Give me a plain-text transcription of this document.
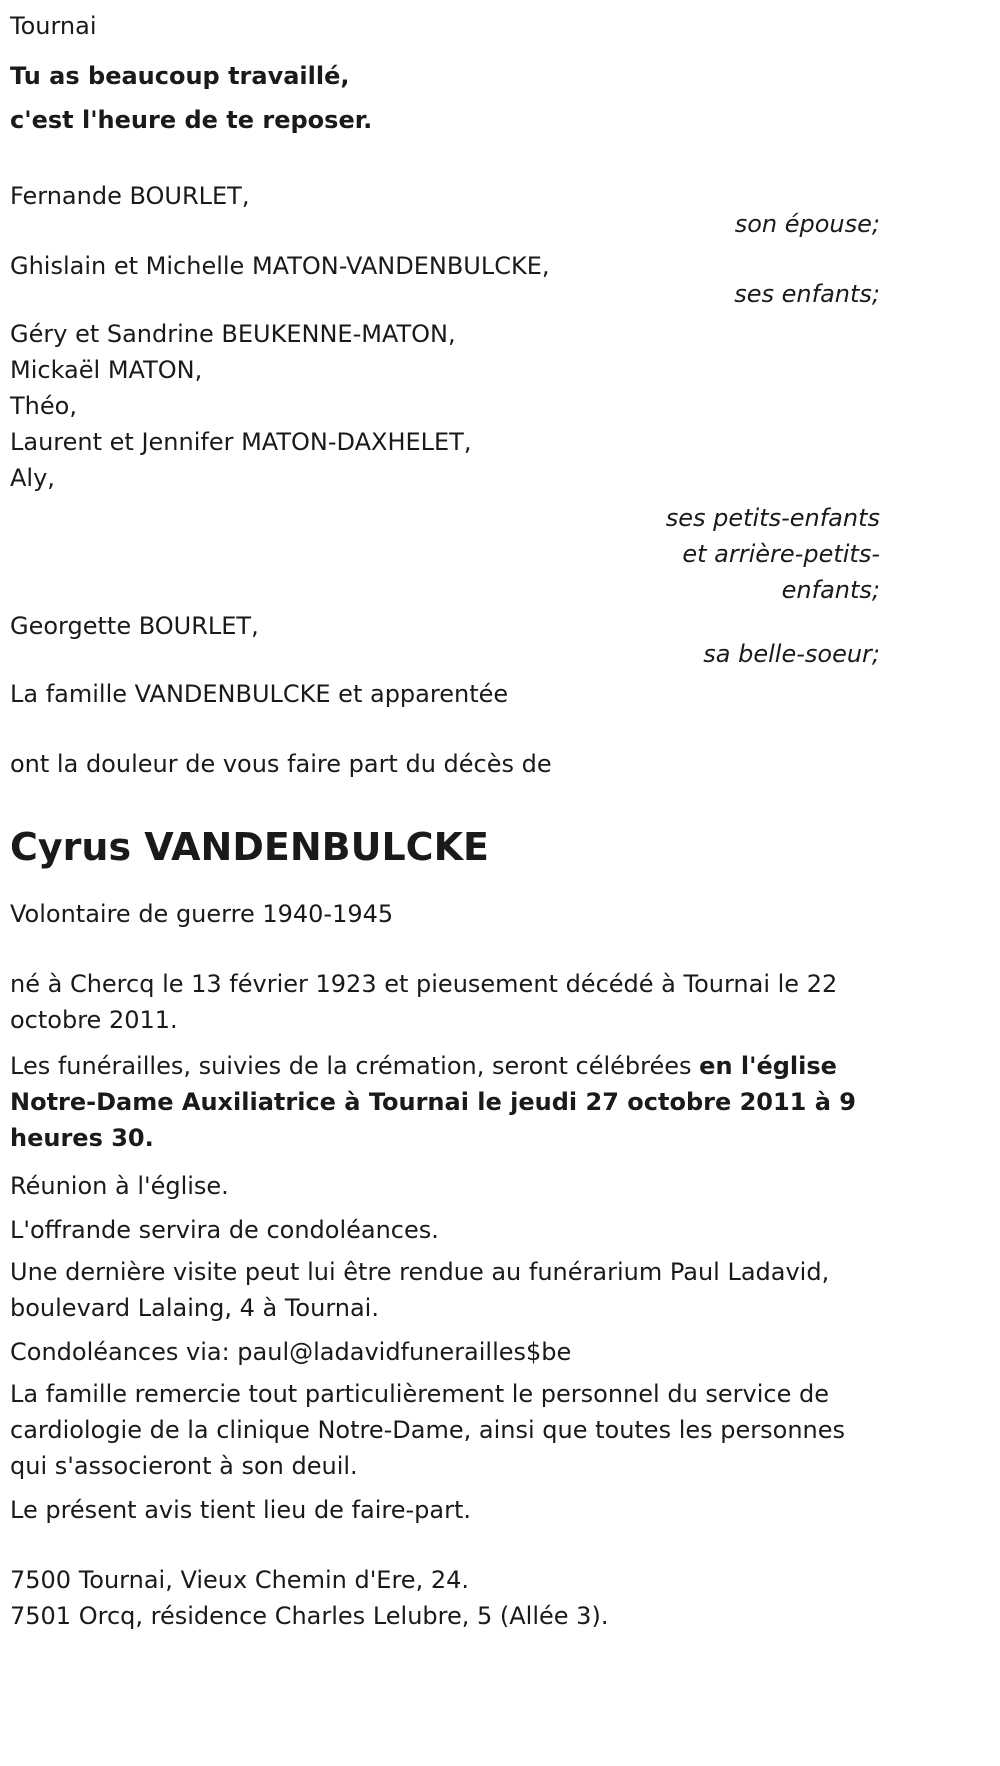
Tournai

Tu as beaucoup travaillé,

c'est l'heure de te reposer.

Fernande BOURLET,
son épouse;
Ghislain et Michelle MATON-VANDENBULCKE,
ses enfants;
Géry et Sandrine BEUKENNE-MATON,
Mickaël MATON,
Théo,
Laurent et Jennifer MATON-DAXHELET,
Aly,
ses petits-enfants
et arrière-petits-
enfants;
Georgette BOURLET,
sa belle-soeur;
La famille VANDENBULCKE et apparentée

ont la douleur de vous faire part du décès de

Cyrus VANDENBULCKE

Volontaire de guerre 1940-1945

né à Chercq le 13 février 1923 et pieusement décédé à Tournai le 22 octobre 2011.

Les funérailles, suivies de la crémation, seront célébrées en l'église Notre-Dame Auxiliatrice à Tournai le jeudi 27 octobre 2011 à 9 heures 30.

Réunion à l'église.

L'offrande servira de condoléances.

Une dernière visite peut lui être rendue au funérarium Paul Ladavid, boulevard Lalaing, 4 à Tournai.

Condoléances via: paul@ladavidfunerailles$be

La famille remercie tout particulièrement le personnel du service de cardiologie de la clinique Notre-Dame, ainsi que toutes les personnes qui s'associeront à son deuil.

Le présent avis tient lieu de faire-part.

7500 Tournai, Vieux Chemin d'Ere, 24.
7501 Orcq, résidence Charles Lelubre, 5 (Allée 3).
